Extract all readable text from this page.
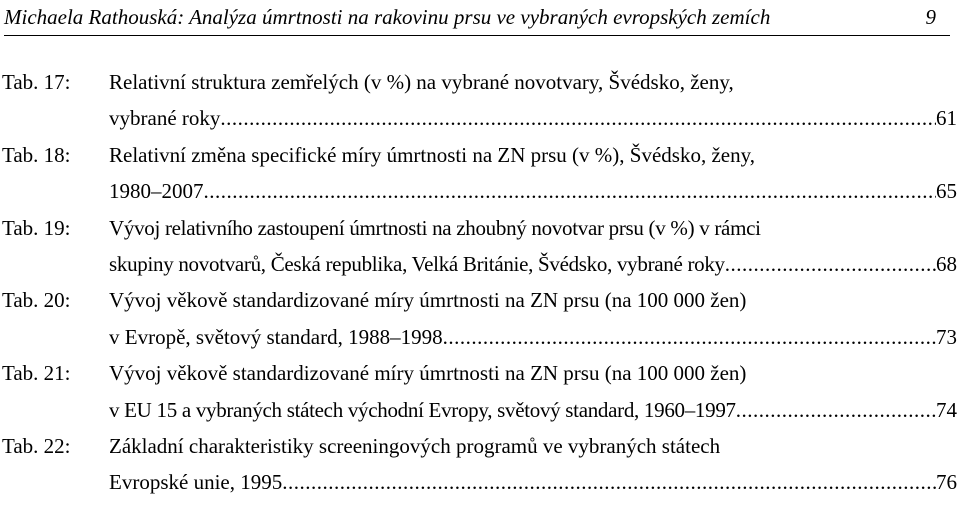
Michaela Rathouská: Analýza úmrtnosti na rakovinu prsu ve vybraných evropských zemích	9
Tab. 17: Relativní struktura zemřelých (v %) na vybrané novotvary, Švédsko, ženy,
vybrané roky .....	61
Tab. 18: Relativní změna specifické míry úmrtnosti na ZN prsu (v %), Švédsko, ženy,
1980–2007 .....	65
Tab. 19: Vývoj relativního zastoupení úmrtnosti na zhoubný novotvar prsu (v %) v rámci
skupiny novotvarů, Česká republika, Velká Británie, Švédsko, vybrané roky .....	68
Tab. 20: Vývoj věkově standardizované míry úmrtnosti na ZN prsu (na 100 000 žen)
v Evropě, světový standard, 1988–1998 .....	73
Tab. 21: Vývoj věkově standardizované míry úmrtnosti na ZN prsu (na 100 000 žen)
v EU 15 a vybraných státech východní Evropy, světový standard, 1960–1997 .....	74
Tab. 22: Základní charakteristiky screeningových programů ve vybraných státech
Evropské unie, 1995 .....	76
